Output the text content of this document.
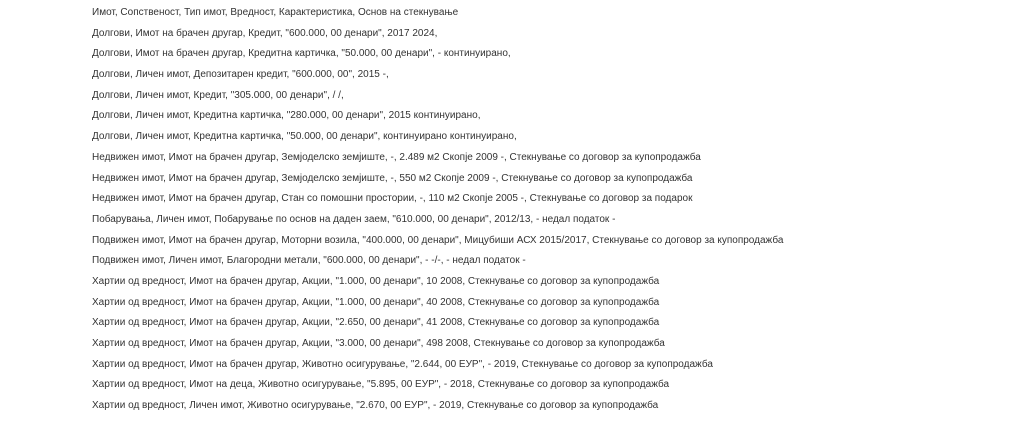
Имот, Сопственост, Тип имот, Вредност, Карактеристика, Основ на стекнување
Долгови, Имот на брачен другар, Кредит, "600.000, 00 денари", 2017 2024,
Долгови, Имот на брачен другар, Кредитна картичка, "50.000, 00 денари", - континуирано,
Долгови, Личен имот, Депозитарен кредит, "600.000, 00", 2015 -,
Долгови, Личен имот, Кредит, "305.000, 00 денари", / /,
Долгови, Личен имот, Кредитна картичка, "280.000, 00 денари", 2015 континуирано,
Долгови, Личен имот, Кредитна картичка, "50.000, 00 денари", континуирано континуирано,
Недвижен имот, Имот на брачен другар, Земјоделско земјиште, -, 2.489 м2 Скопје 2009 -, Стекнување со договор за купопродажба
Недвижен имот, Имот на брачен другар, Земјоделско земјиште, -, 550 м2 Скопје 2009 -, Стекнување со договор за купопродажба
Недвижен имот, Имот на брачен другар, Стан со помошни простории, -, 110 м2 Скопје 2005 -, Стекнување со договор за подарок
Побарувања, Личен имот, Побарување по основ на даден заем, "610.000, 00 денари", 2012/13, - недал податок -
Подвижен имот, Имот на брачен другар, Моторни возила, "400.000, 00 денари", Мицубиши АСХ 2015/2017, Стекнување со договор за купопродажба
Подвижен имот, Личен имот, Благородни метали, "600.000, 00 денари", - -/-, - недал податок -
Хартии од вредност, Имот на брачен другар, Акции, "1.000, 00 денари", 10 2008, Стекнување со договор за купопродажба
Хартии од вредност, Имот на брачен другар, Акции, "1.000, 00 денари", 40 2008, Стекнување со договор за купопродажба
Хартии од вредност, Имот на брачен другар, Акции, "2.650, 00 денари", 41 2008, Стекнување со договор за купопродажба
Хартии од вредност, Имот на брачен другар, Акции, "3.000, 00 денари", 498 2008, Стекнување со договор за купопродажба
Хартии од вредност, Имот на брачен другар, Животно осигурување, "2.644, 00 ЕУР", - 2019, Стекнување со договор за купопродажба
Хартии од вредност, Имот на деца, Животно осигурување, "5.895, 00 ЕУР", - 2018, Стекнување со договор за купопродажба
Хартии од вредност, Личен имот, Животно осигурување, "2.670, 00 ЕУР", - 2019, Стекнување со договор за купопродажба
